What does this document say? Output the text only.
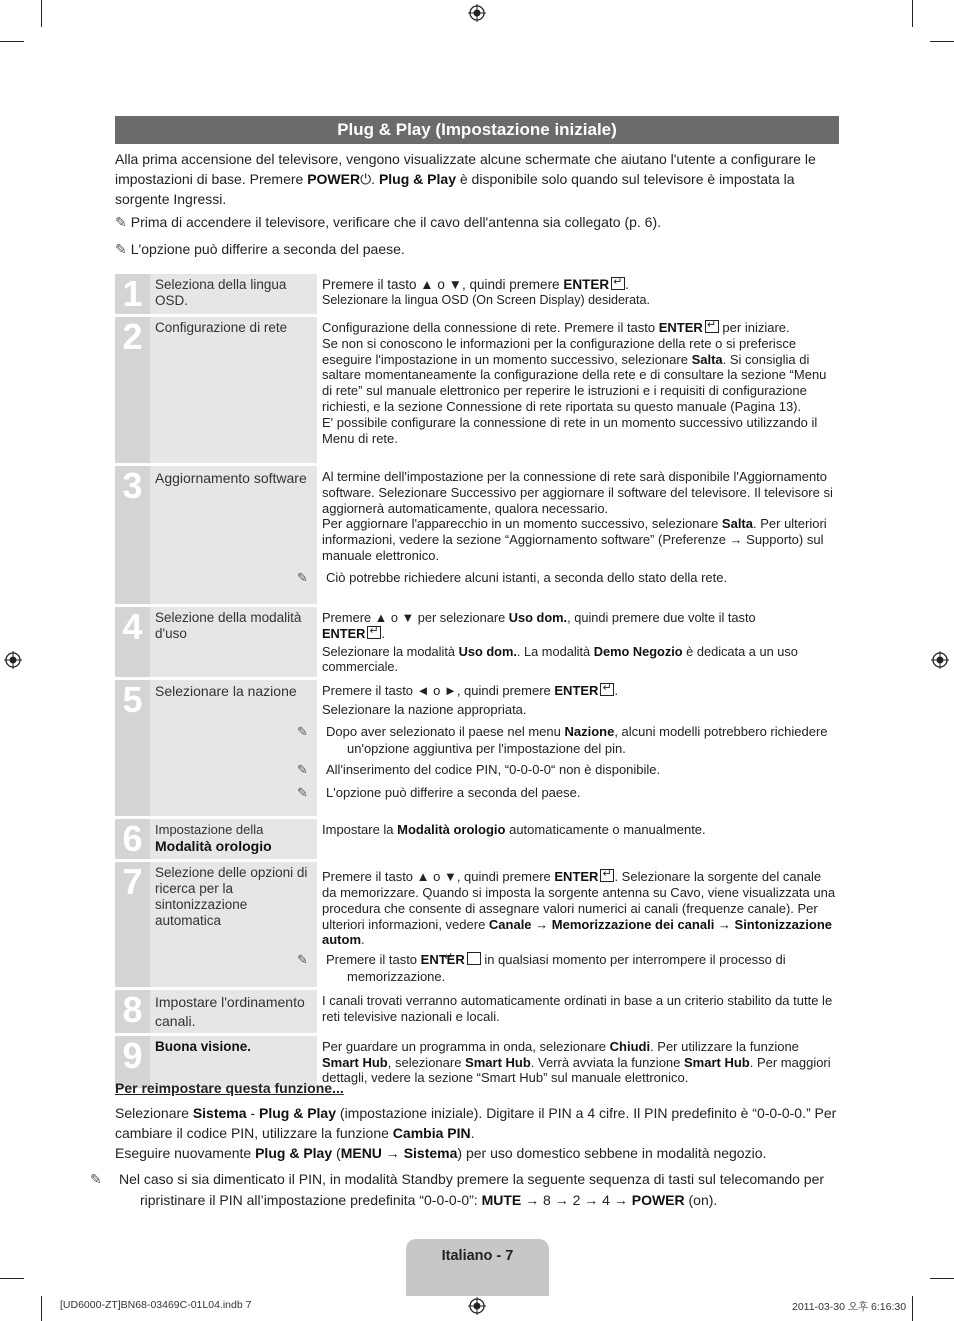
Plug & Play (Impostazione iniziale)
Alla prima accensione del televisore, vengono visualizzate alcune schermate che aiutano l'utente a configurare le impostazioni di base. Premere POWER⏻. Plug & Play è disponibile solo quando sul televisore è impostata la sorgente Ingressi.
✎ Prima di accendere il televisore, verificare che il cavo dell'antenna sia collegato (p. 6).
✎ L'opzione può differire a seconda del paese.
1	Seleziona della lingua OSD.	Premere il tasto ▲ o ▼, quindi premere ENTER ↵ .
Selezionare la lingua OSD (On Screen Display) desiderata.

2	Configurazione di rete	Configurazione della connessione di rete. Premere il tasto ENTER↵ per iniziare.
Se non si conoscono le informazioni per la configurazione della rete o si preferisce eseguire l'impostazione in un momento successivo, selezionare Salta. Si consiglia di saltare momentaneamente la configurazione della rete e di consultare la sezione “Menu di rete” sul manuale elettronico per reperire le istruzioni e i requisiti di configurazione richiesti, e la sezione Connessione di rete riportata su questo manuale (Pagina 13).
E' possibile configurare la connessione di rete in un momento successivo utilizzando il Menu di rete.

3	Aggiornamento software	Al termine dell'impostazione per la connessione di rete sarà disponibile l'Aggiornamento software. Selezionare Successivo per aggiornare il software del televisore. Il televisore si aggiornerà automaticamente, qualora necessario.
Per aggiornare l'apparecchio in un momento successivo, selezionare Salta. Per ulteriori informazioni, vedere la sezione “Aggiornamento software” (Preferenze → Supporto) sul manuale elettronico.
Ciò potrebbe richiedere alcuni istanti, a seconda dello stato della rete.

4	Selezione della modalità d'uso	Premere ▲ o ▼ per selezionare Uso dom., quindi premere due volte il tasto
ENTER ↵ .
Selezionare la modalità Uso dom.. La modalità Demo Negozio è dedicata a un uso commerciale.

5	Selezionare la nazione	Premere il tasto ◄ o ►, quindi premere ENTER ↵ .
Selezionare la nazione appropriata.
Dopo aver selezionato il paese nel menu Nazione, alcuni modelli potrebbero richiedere un'opzione aggiuntiva per l'impostazione del pin.
All'inserimento del codice PIN, “0-0-0-0“ non è disponibile.
L'opzione può differire a seconda del paese.

6	Impostazione della
Modalità orologio	Impostare la Modalità orologio automaticamente o manualmente.

7	Selezione delle opzioni di ricerca per la sintonizzazione automatica	Premere il tasto ▲ o ▼, quindi premere ENTER ↵ . Selezionare la sorgente del canale da memorizzare. Quando si imposta la sorgente antenna su Cavo, viene visualizzata una procedura che consente di assegnare valori numerici ai canali (frequenze canale). Per ulteriori informazioni, vedere Canale → Memorizzazione dei canali → Sintonizzazione autom.
Premere il tasto ENTER↵ in qualsiasi momento per interrompere il processo di memorizzazione.

8	Impostare l'ordinamento canali.	I canali trovati verranno automaticamente ordinati in base a un criterio stabilito da tutte le reti televisive nazionali e locali.

9	Buona visione.	Per guardare un programma in onda, selezionare Chiudi. Per utilizzare la funzione Smart Hub, selezionare Smart Hub. Verrà avviata la funzione Smart Hub. Per maggiori dettagli, vedere la sezione “Smart Hub” sul manuale elettronico.
Per reimpostare questa funzione...
Selezionare Sistema - Plug & Play (impostazione iniziale). Digitare il PIN a 4 cifre. Il PIN predefinito è “0-0-0-0.” Per cambiare il codice PIN, utilizzare la funzione Cambia PIN.
Eseguire nuovamente Plug & Play (MENU → Sistema) per uso domestico sebbene in modalità negozio.
✎ Nel caso si sia dimenticato il PIN, in modalità Standby premere la seguente sequenza di tasti sul telecomando per ripristinare il PIN all’impostazione predefinita “0-0-0-0”: MUTE → 8 → 2 → 4 → POWER (on).
Italiano - 7
[UD6000-ZT]BN68-03469C-01L04.indb 7	2011-03-30 오후 6:16:30
